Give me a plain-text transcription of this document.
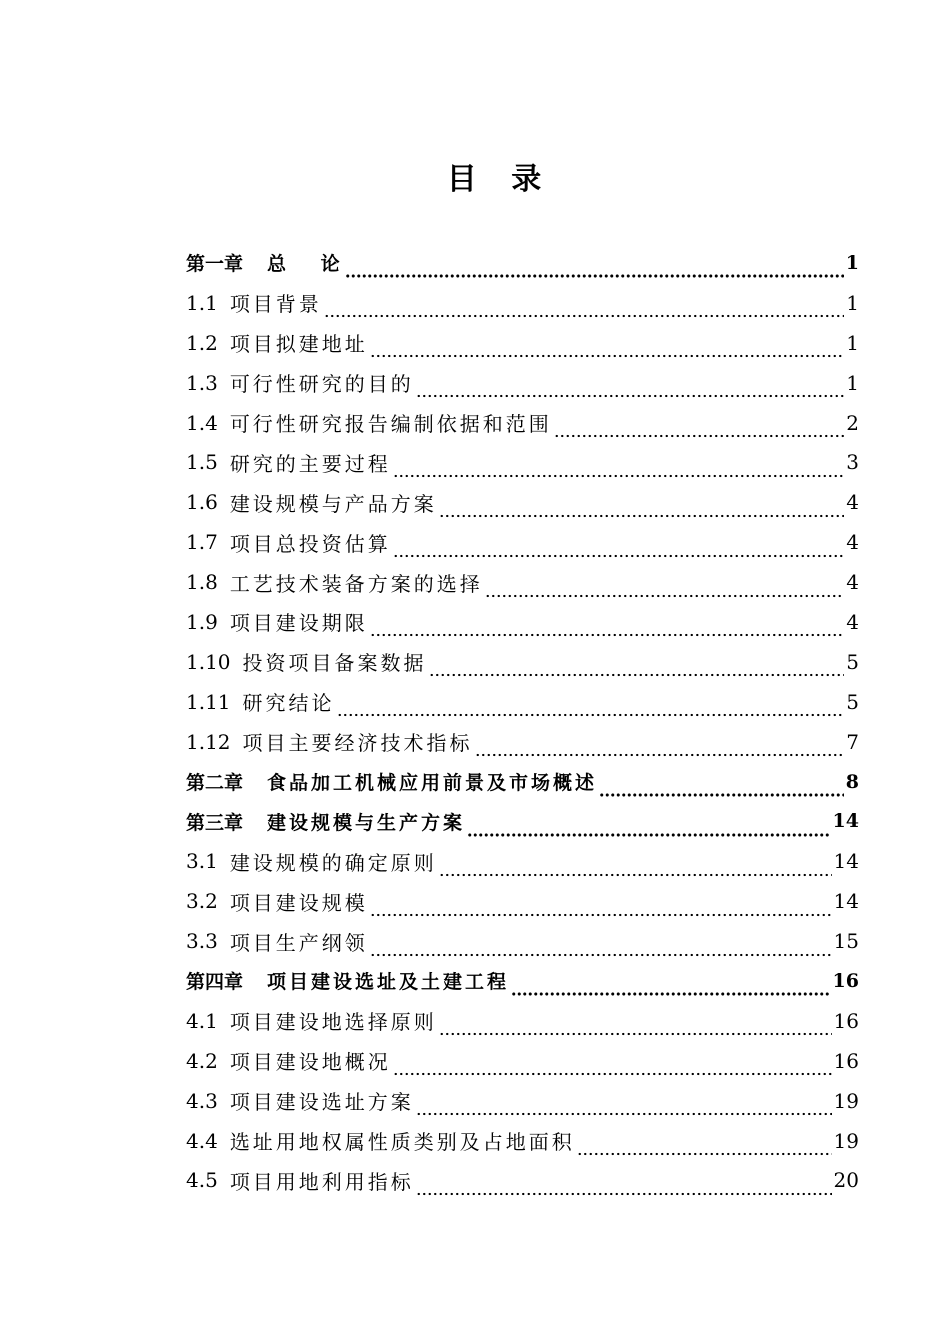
目 录
第一章	总　 论	1
1.1 项目背景	1
1.2 项目拟建地址	1
1.3 可行性研究的目的	1
1.4 可行性研究报告编制依据和范围	2
1.5 研究的主要过程	3
1.6 建设规模与产品方案	4
1.7 项目总投资估算	4
1.8 工艺技术装备方案的选择	4
1.9 项目建设期限	4
1.10 投资项目备案数据	5
1.11 研究结论	5
1.12 项目主要经济技术指标	7
第二章	食品加工机械应用前景及市场概述	8
第三章	建设规模与生产方案	14
3.1 建设规模的确定原则	14
3.2 项目建设规模	14
3.3 项目生产纲领	15
第四章	项目建设选址及土建工程	16
4.1 项目建设地选择原则	16
4.2 项目建设地概况	16
4.3 项目建设选址方案	19
4.4 选址用地权属性质类别及占地面积	19
4.5 项目用地利用指标	20
